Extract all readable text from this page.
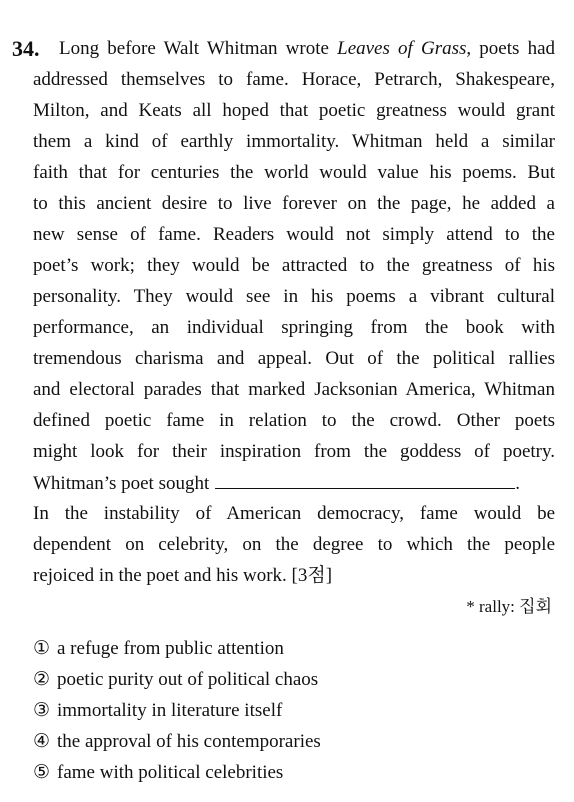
34. Long before Walt Whitman wrote Leaves of Grass, poets had
addressed themselves to fame. Horace, Petrarch, Shakespeare,
Milton, and Keats all hoped that poetic greatness would grant
them a kind of earthly immortality. Whitman held a similar
faith that for centuries the world would value his poems. But
to this ancient desire to live forever on the page, he added a
new sense of fame. Readers would not simply attend to the
poet’s work; they would be attracted to the greatness of his
personality. They would see in his poems a vibrant cultural
performance, an individual springing from the book with
tremendous charisma and appeal. Out of the political rallies
and electoral parades that marked Jacksonian America, Whitman
defined poetic fame in relation to the crowd. Other poets
might look for their inspiration from the goddess of poetry.
Whitman’s poet sought	.
In the instability of American democracy, fame would be
dependent on celebrity, on the degree to which the people
rejoiced in the poet and his work. [3점]
* rally: 집회
① a refuge from public attention
② poetic purity out of political chaos
③ immortality in literature itself
④ the approval of his contemporaries
⑤ fame with political celebrities
